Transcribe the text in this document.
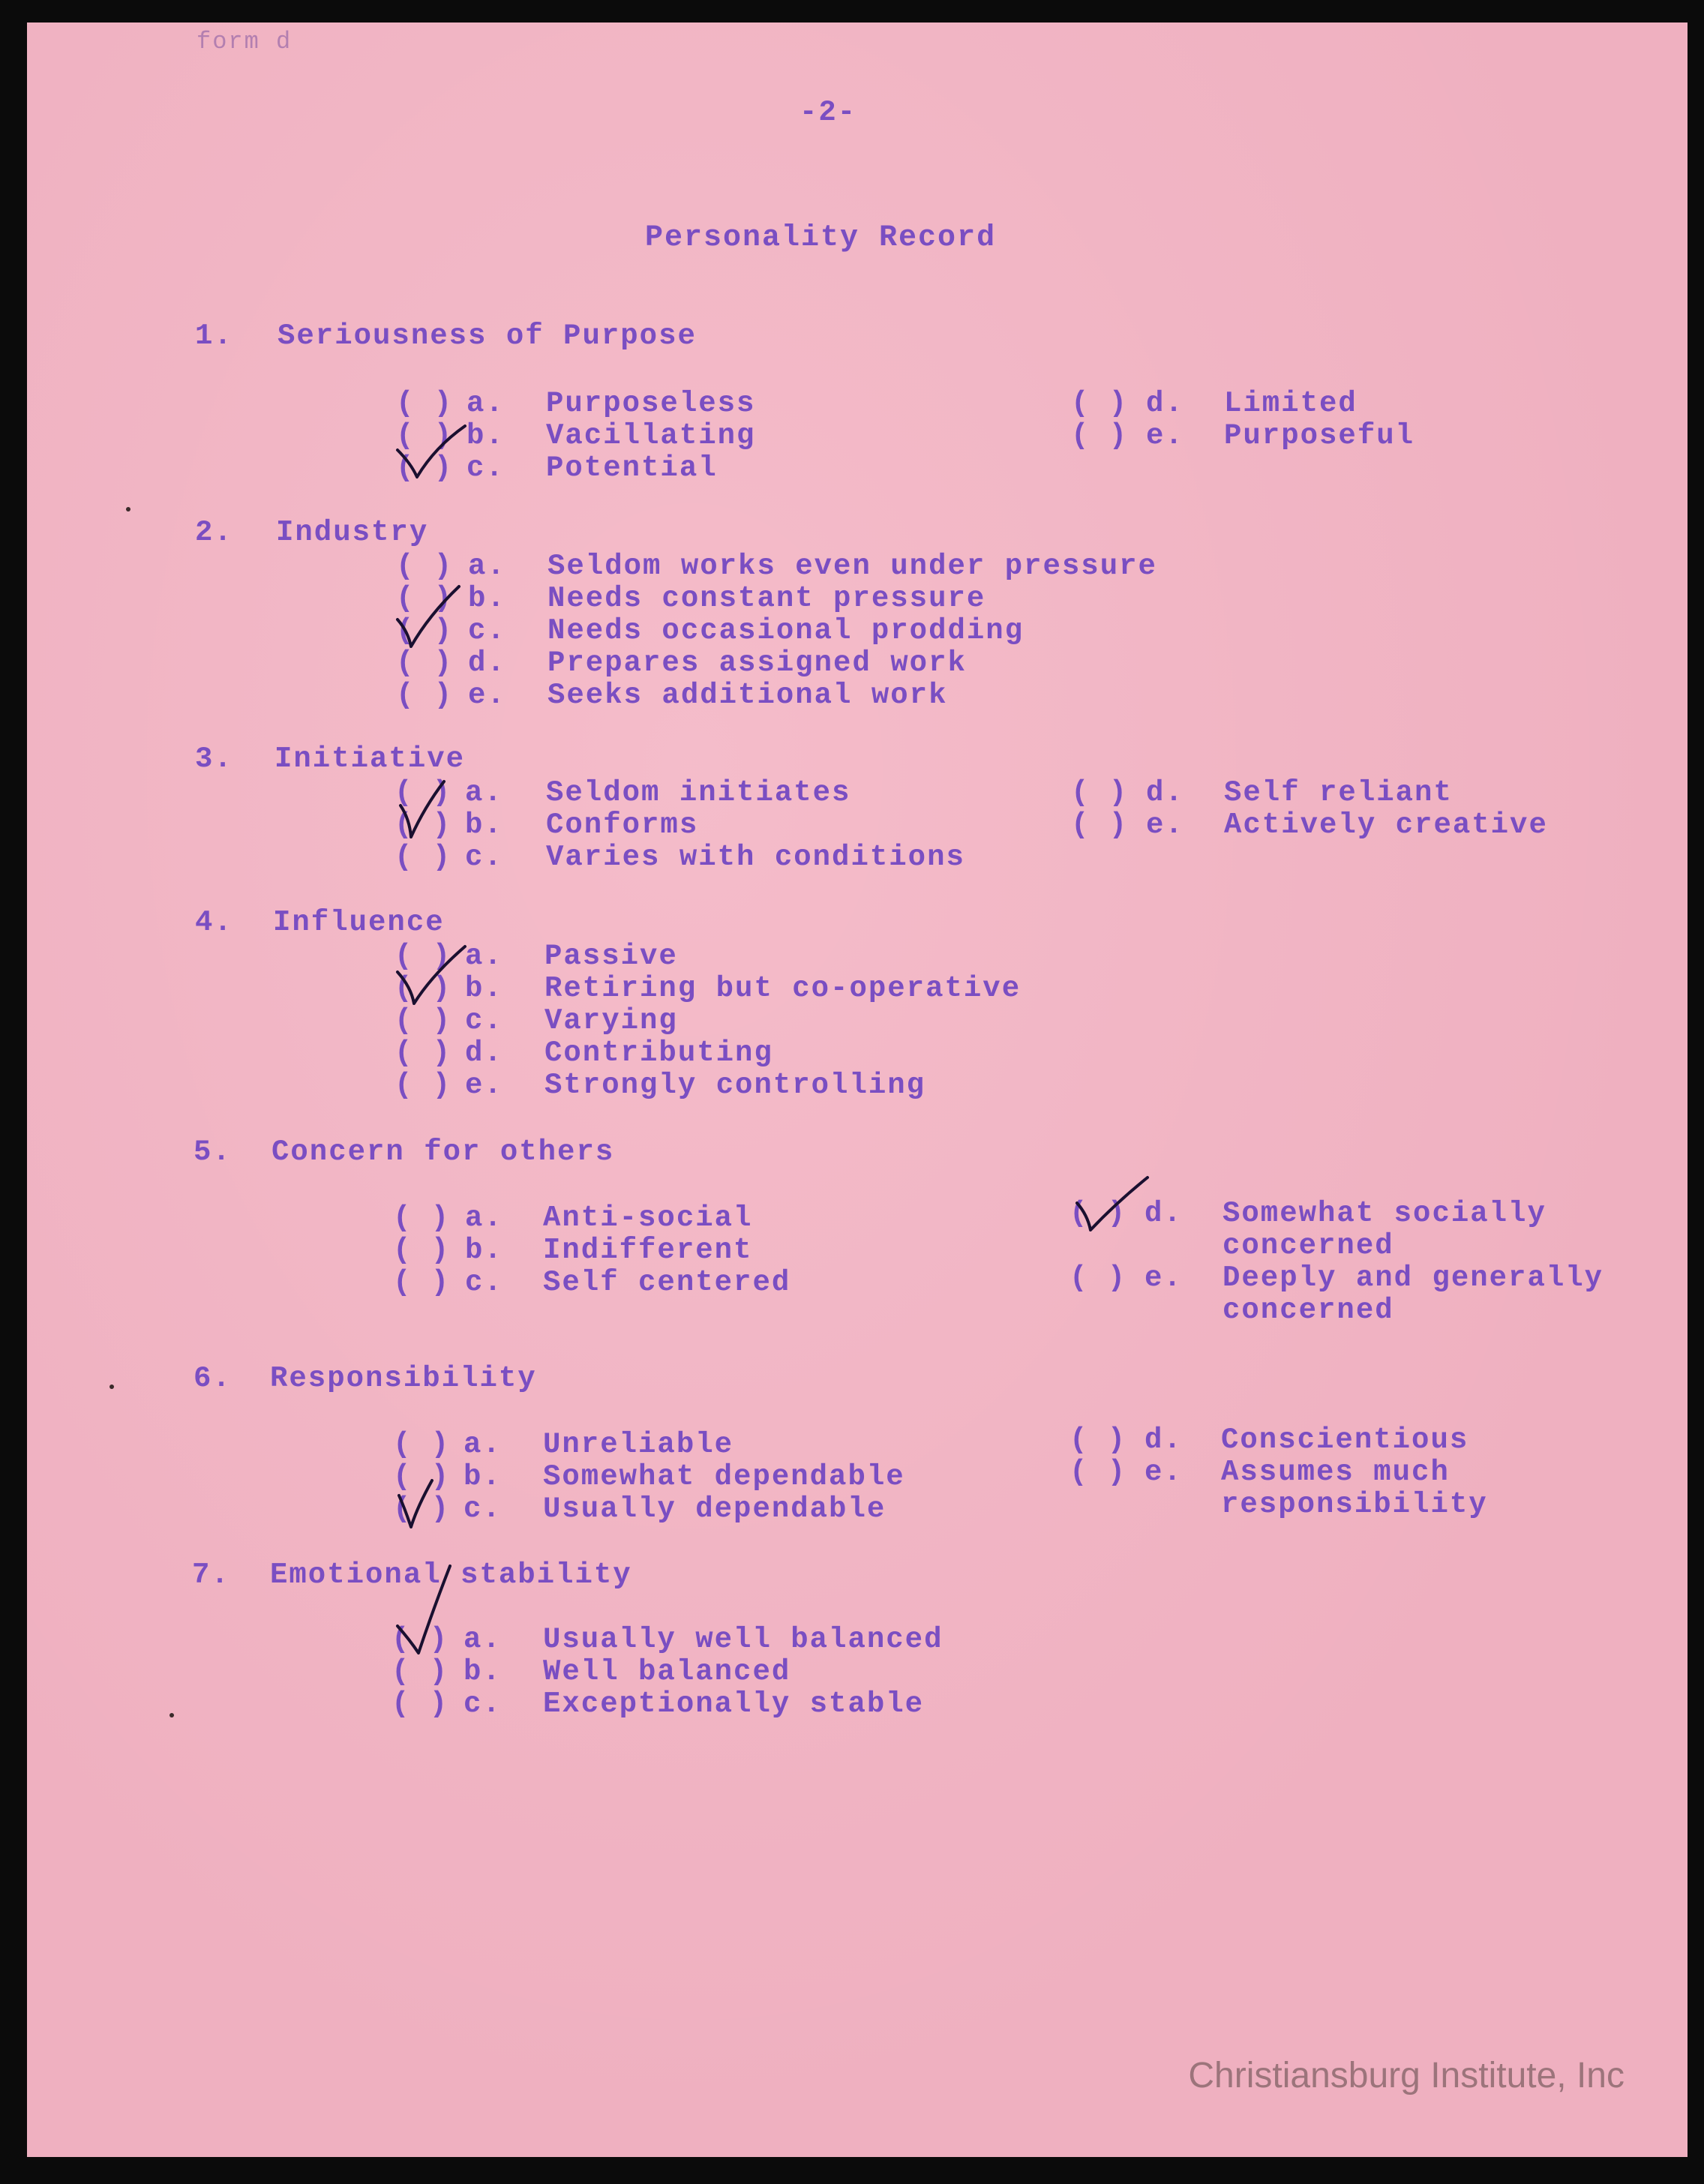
form d
-2-
Personality Record
1. Seriousness of Purpose
( ) a. Purposeless
( ) b. Vacillating
( ) c. Potential
( ) d. Limited
( ) e. Purposeful
2. Industry
( ) a. Seldom works even under pressure
( ) b. Needs constant pressure
( ) c. Needs occasional prodding
( ) d. Prepares assigned work
( ) e. Seeks additional work
3. Initiative
( ) a. Seldom initiates
( ) b. Conforms
( ) c. Varies with conditions
( ) d. Self reliant
( ) e. Actively creative
4. Influence
( ) a. Passive
( ) b. Retiring but co-operative
( ) c. Varying
( ) d. Contributing
( ) e. Strongly controlling
5. Concern for others
( ) a. Anti-social
( ) b. Indifferent
( ) c. Self centered
( ) d. Somewhat socially
concerned
( ) e. Deeply and generally
concerned
6. Responsibility
( ) a. Unreliable
( ) b. Somewhat dependable
( ) c. Usually dependable
( ) d. Conscientious
( ) e. Assumes much
responsibility
7. Emotional stability
( ) a. Usually well balanced
( ) b. Well balanced
( ) c. Exceptionally stable
Christiansburg Institute, Inc
